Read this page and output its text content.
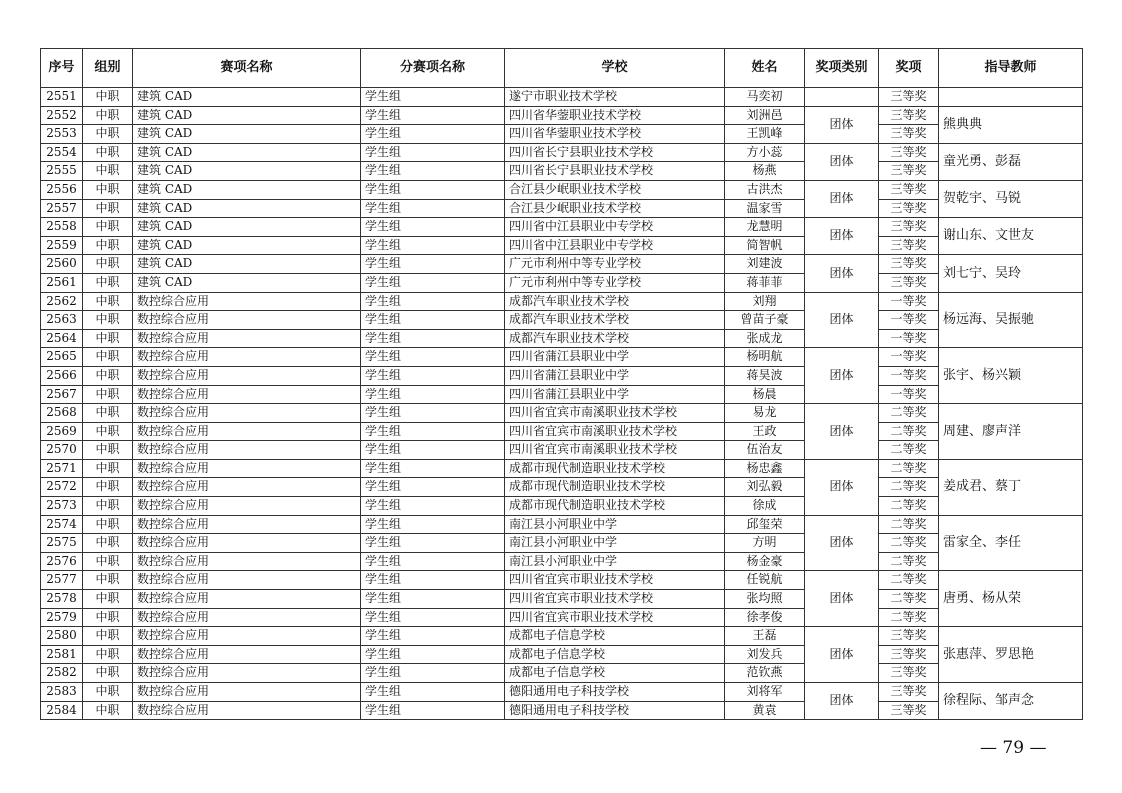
序号	组别	赛项名称	分赛项名称	学校	姓名	奖项类别	奖项	指导教师
2551	中职	建筑 CAD	学生组	遂宁市职业技术学校	马奕初		三等奖	
2552	中职	建筑 CAD	学生组	四川省华蓥职业技术学校	刘洲邑	团体	三等奖	熊典典
2553	中职	建筑 CAD	学生组	四川省华蓥职业技术学校	王凯峰		三等奖	
2554	中职	建筑 CAD	学生组	四川省长宁县职业技术学校	方小蕊	团体	三等奖	童光勇、彭磊
2555	中职	建筑 CAD	学生组	四川省长宁县职业技术学校	杨燕		三等奖	
2556	中职	建筑 CAD	学生组	合江县少岷职业技术学校	古洪杰	团体	三等奖	贺乾宇、马锐
2557	中职	建筑 CAD	学生组	合江县少岷职业技术学校	温家雪		三等奖	
2558	中职	建筑 CAD	学生组	四川省中江县职业中专学校	龙慧明	团体	三等奖	谢山东、文世友
2559	中职	建筑 CAD	学生组	四川省中江县职业中专学校	简智帆		三等奖	
2560	中职	建筑 CAD	学生组	广元市利州中等专业学校	刘建波	团体	三等奖	刘七宁、吴玲
2561	中职	建筑 CAD	学生组	广元市利州中等专业学校	蒋菲菲		三等奖	
2562	中职	数控综合应用	学生组	成都汽车职业技术学校	刘翔	团体	一等奖	杨远海、吴振驰
2563	中职	数控综合应用	学生组	成都汽车职业技术学校	曾苗子豪		一等奖	
2564	中职	数控综合应用	学生组	成都汽车职业技术学校	张成龙		一等奖	
2565	中职	数控综合应用	学生组	四川省蒲江县职业中学	杨明航	团体	一等奖	张宇、杨兴颖
2566	中职	数控综合应用	学生组	四川省蒲江县职业中学	蒋昊波		一等奖	
2567	中职	数控综合应用	学生组	四川省蒲江县职业中学	杨晨		一等奖	
2568	中职	数控综合应用	学生组	四川省宜宾市南溪职业技术学校	易龙	团体	二等奖	周建、廖声洋
2569	中职	数控综合应用	学生组	四川省宜宾市南溪职业技术学校	王政		二等奖	
2570	中职	数控综合应用	学生组	四川省宜宾市南溪职业技术学校	伍治友		二等奖	
2571	中职	数控综合应用	学生组	成都市现代制造职业技术学校	杨忠鑫	团体	二等奖	姜成君、蔡丁
2572	中职	数控综合应用	学生组	成都市现代制造职业技术学校	刘弘毅		二等奖	
2573	中职	数控综合应用	学生组	成都市现代制造职业技术学校	徐成		二等奖	
2574	中职	数控综合应用	学生组	南江县小河职业中学	邱玺荣	团体	二等奖	雷家全、李任
2575	中职	数控综合应用	学生组	南江县小河职业中学	方明		二等奖	
2576	中职	数控综合应用	学生组	南江县小河职业中学	杨金豪		二等奖	
2577	中职	数控综合应用	学生组	四川省宜宾市职业技术学校	任锐航	团体	二等奖	唐勇、杨从荣
2578	中职	数控综合应用	学生组	四川省宜宾市职业技术学校	张均照		二等奖	
2579	中职	数控综合应用	学生组	四川省宜宾市职业技术学校	徐孝俊		二等奖	
2580	中职	数控综合应用	学生组	成都电子信息学校	王磊	团体	三等奖	张惠萍、罗思艳
2581	中职	数控综合应用	学生组	成都电子信息学校	刘发兵		三等奖	
2582	中职	数控综合应用	学生组	成都电子信息学校	范钦燕		三等奖	
2583	中职	数控综合应用	学生组	德阳通用电子科技学校	刘将军	团体	三等奖	徐程际、邹声念
2584	中职	数控综合应用	学生组	德阳通用电子科技学校	黄袁		三等奖	
— 79 —
